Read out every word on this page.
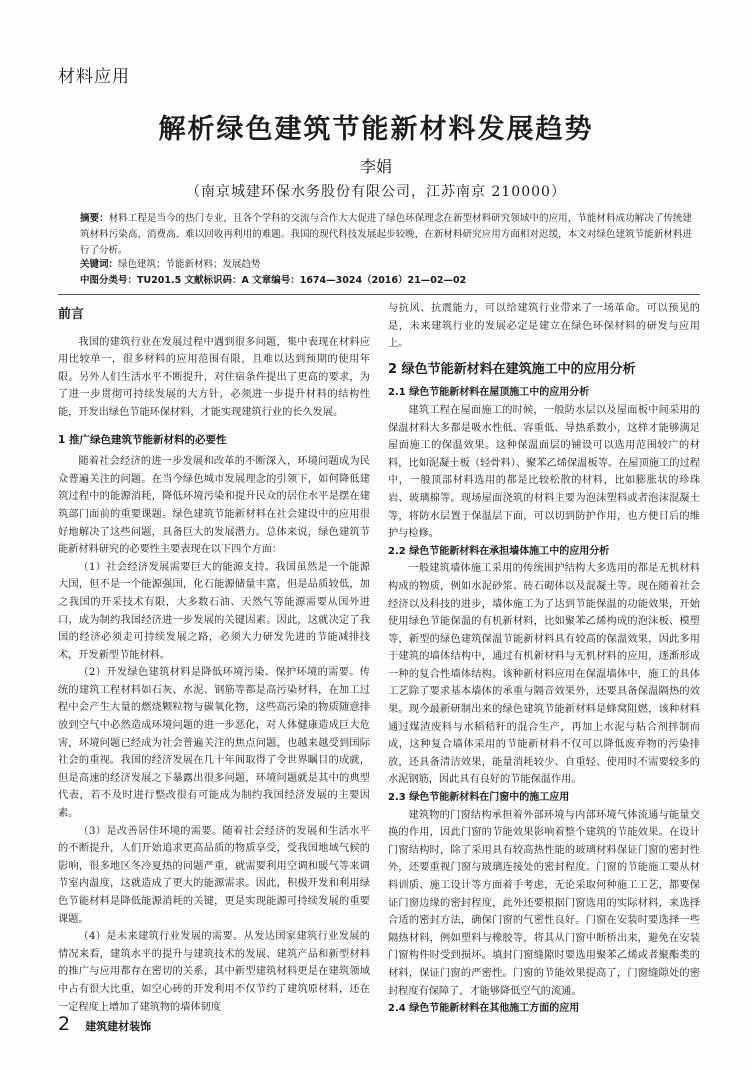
材料应用
解析绿色建筑节能新材料发展趋势
李娟
（南京城建环保水务股份有限公司，江苏南京 210000）
摘要：材料工程是当今的热门专业，且各个学科的交流与合作大大促进了绿色环保理念在新型材料研究领域中的应用，节能材料成功解决了传统建筑材料污染高、消费高、难以回收再利用的难题。我国的现代科技发展起步较晚，在新材料研究应用方面相对迟缓，本文对绿色建筑节能新材料进行了分析。
关键词：绿色建筑；节能新材料；发展趋势
中图分类号：TU201.5 文献标识码：A 文章编号：1674—3024（2016）21—02—02
前言

我国的建筑行业在发展过程中遇到很多问题，集中表现在材料应用比较单一，很多材料的应用范围有限，且难以达到预期的使用年限。另外人们生活水平不断提升，对住宿条件提出了更高的要求，为了进一步贯彻可持续发展的大方针，必须进一步提升材料的结构性能，开发出绿色节能环保材料，才能实现建筑行业的长久发展。

1 推广绿色建筑节能新材料的必要性

随着社会经济的进一步发展和改革的不断深入，环境问题成为民众普遍关注的问题。在当今绿色城市发展理念的引领下，如何降低建筑过程中的能源消耗，降低环境污染和提升民众的居住水平是摆在建筑部门面前的重要课题。绿色建筑节能新材料在社会建设中的应用很好地解决了这些问题，具备巨大的发展潜力。总体来说，绿色建筑节能新材料研究的必要性主要表现在以下四个方面：

（1）社会经济发展需要巨大的能源支持。我国虽然是一个能源大国，但不是一个能源强国，化石能源储量丰富，但是品质较低，加之我国的开采技术有限，大多数石油、天然气等能源需要从国外进口，成为制约我国经济进一步发展的关键因素。因此，这就决定了我国的经济必须走可持续发展之路，必须大力研发先进的节能减排技术，开发新型节能材料。

（2）开发绿色建筑材料是降低环境污染、保护环境的需要。传统的建筑工程材料如石灰、水泥、钢筋等都是高污染材料，在加工过程中会产生大量的燃烧颗粒物与碳氧化物，这些高污染的物质随意排放到空气中必然造成环境问题的进一步恶化，对人体健康造成巨大危害，环境问题已经成为社会普遍关注的焦点问题，也越来越受到国际社会的重视。我国的经济发展在几十年间取得了令世界瞩目的成就，但是高速的经济发展之下暴露出很多问题，环境问题就是其中的典型代表，若不及时进行整改很有可能成为制约我国经济发展的主要因素。

（3）是改善居住环境的需要。随着社会经济的发展和生活水平的不断提升，人们开始追求更高品质的物质享受，受我国地域气候的影响，很多地区冬冷夏热的问题严重，就需要利用空调和暖气等来调节室内温度，这就造成了更大的能源需求。因此，积极开发和利用绿色节能材料是降低能源消耗的关键，更是实现能源可持续发展的重要课题。

（4）是未来建筑行业发展的需要。从发达国家建筑行业发展的情况来看，建筑水平的提升与建筑技术的发展、建筑产品和新型材料的推广与应用都存在密切的关系，其中新型建筑材料更是在建筑领域中占有很大比重，如空心砖的开发利用不仅节约了建筑原材料，还在一定程度上增加了建筑物的墙体韧度

与抗风、抗震能力，可以给建筑行业带来了一场革命。可以预见的是，未来建筑行业的发展必定是建立在绿色环保材料的研发与应用上。

2 绿色节能新材料在建筑施工中的应用分析
2.1 绿色节能新材料在屋顶施工中的应用分析

建筑工程在屋面施工的时候，一般防水层以及屋面板中间采用的保温材料大多都是吸水性低、容重低、导热系数小，这样才能够满足屋面施工的保温效果。这种保温面层的铺设可以选用范围较广的材料，比如泥凝土板（轻骨料）、聚苯乙烯保温板等。在屋顶施工的过程中，一般顶部材料选用的都是比较松散的材料，比如膨胀状的珍珠岩、玻璃棉等。现场屋面浇筑的材料主要为泡沫塑料或者泡沫混凝土等，将防水层置于保温层下面，可以切到防护作用，也方便日后的维护与检修。

2.2 绿色节能新材料在承担墙体施工中的应用分析

一般建筑墙体施工采用的传统围护结构大多选用的都是无机材料构成的物质，例如水泥砂浆、砖石砌体以及混凝土等。现在随着社会经济以及科技的进步，墙体施工为了达到节能保温的功能效果，开始使用绿色节能保温的有机新材料，比如聚苯乙烯构成的泡沫板、模塑等，新型的绿色建筑保温节能新材料具有较高的保温效果，因此多用于建筑的墙体结构中，通过有机新材料与无机材料的应用，逐渐形成一种的复合性墙体结构。该种新材料应用在保温墙体中，施工的具体工艺除了要求基本墙体的承重与隔音效果外，还要具备保温隔热的效果。现今最新研制出来的绿色建筑节能新材料是蜂窝阻燃，该种材料通过煤渣废料与水稻秸秆的混合生产，再加上水泥与粘合剂拌制而成，这种复合墙体采用的节能新材料不仅可以降低废弃物的污染排放，还具备清洁效果，能量消耗较少、自重轻、使用时不需要较多的水泥钢筋，因此具有良好的节能保温作用。

2.3 绿色节能新材料在门窗中的施工应用

建筑物的门窗结构承担着外部环境与内部环境气体流通与能量交换的作用，因此门窗的节能效果影响着整个建筑的节能效果。在设计门窗结构时，除了采用具有较高热性能的玻璃材料保证门窗的密封性外，还要重视门窗与玻璃连接处的密封程度。门窗的节能施工要从材料训质、施工设计等方面着手考虑，无论采取何种施工工艺，都要保证门窗边缘的密封程度，此外还要根据门窗选用的实际材料，来选择合适的密封方法，确保门窗的气密性良好。门窗在安装时要选择一些隔热材料，例如塑料与橡胶等，将其从门窗中断桥出来，避免在安装门窗构件时受到损坏。填封门窗缝隙时要选用聚苯乙烯或者聚酯类的材料，保证门窗的严密性。门窗的节能效果提高了，门窗缝隙处的密封程度有保障了，才能够降低空气的流通。

2.4 绿色节能新材料在其他施工方面的应用
2 建筑建材装饰
